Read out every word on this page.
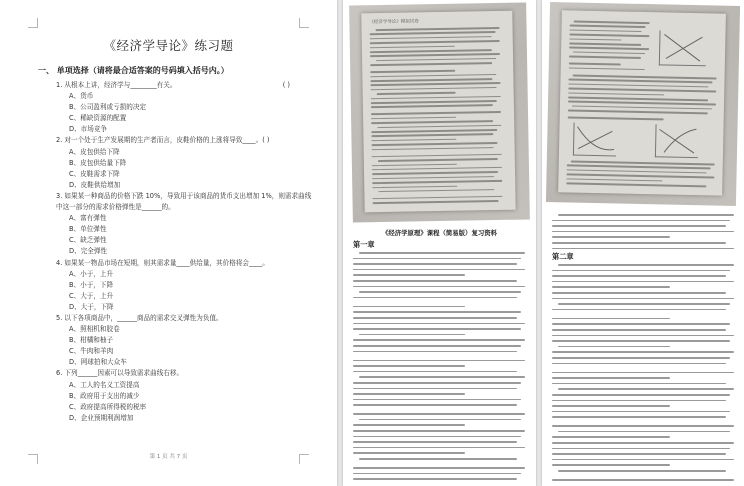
《经济学导论》练习题
一、 单项选择（请将最合适答案的号码填入括号内。）
1. 从根本上讲，经济学与________有关。	( )
A、货币
B、公司盈利或亏损的决定
C、稀缺资源的配置
D、市场竞争
2. 对一个处于生产发展期的生产者而言，皮鞋价格的上涨将导致____。( )
A、皮包供给下降
B、皮包供给量下降
C、皮鞋需求下降
D、皮鞋供给增加
3. 如果某一种商品的价格下跌 10%，导致用于该商品的货币支出增加 1%，则需求曲线 中这一部分的需求价格弹性是______的。
A、富有弹性
B、单位弹性
C、缺乏弹性
D、完全弹性
4. 如果某一物品市场在短期，则其需求量____供给量，其价格将会____。
A、小于，上升
B、小于，下降
C、大于，上升
D、大于，下降
5. 以下各项商品中，______商品的需求交叉弹性为负值。
A、照相机和胶卷
B、柑橘和柚子
C、牛肉和羊肉
D、网球拍和大众车
6. 下列______因素可以导致需求曲线右移。
A、工人的名义工资提高
B、政府用于支出的减少
C、政府提高所得税的税率
D、企业预期利润增加
第 1 页 共 7 页
《经济学导论》模拟试卷
《经济学原理》课程（简易版）复习资料
第一章
第二章
